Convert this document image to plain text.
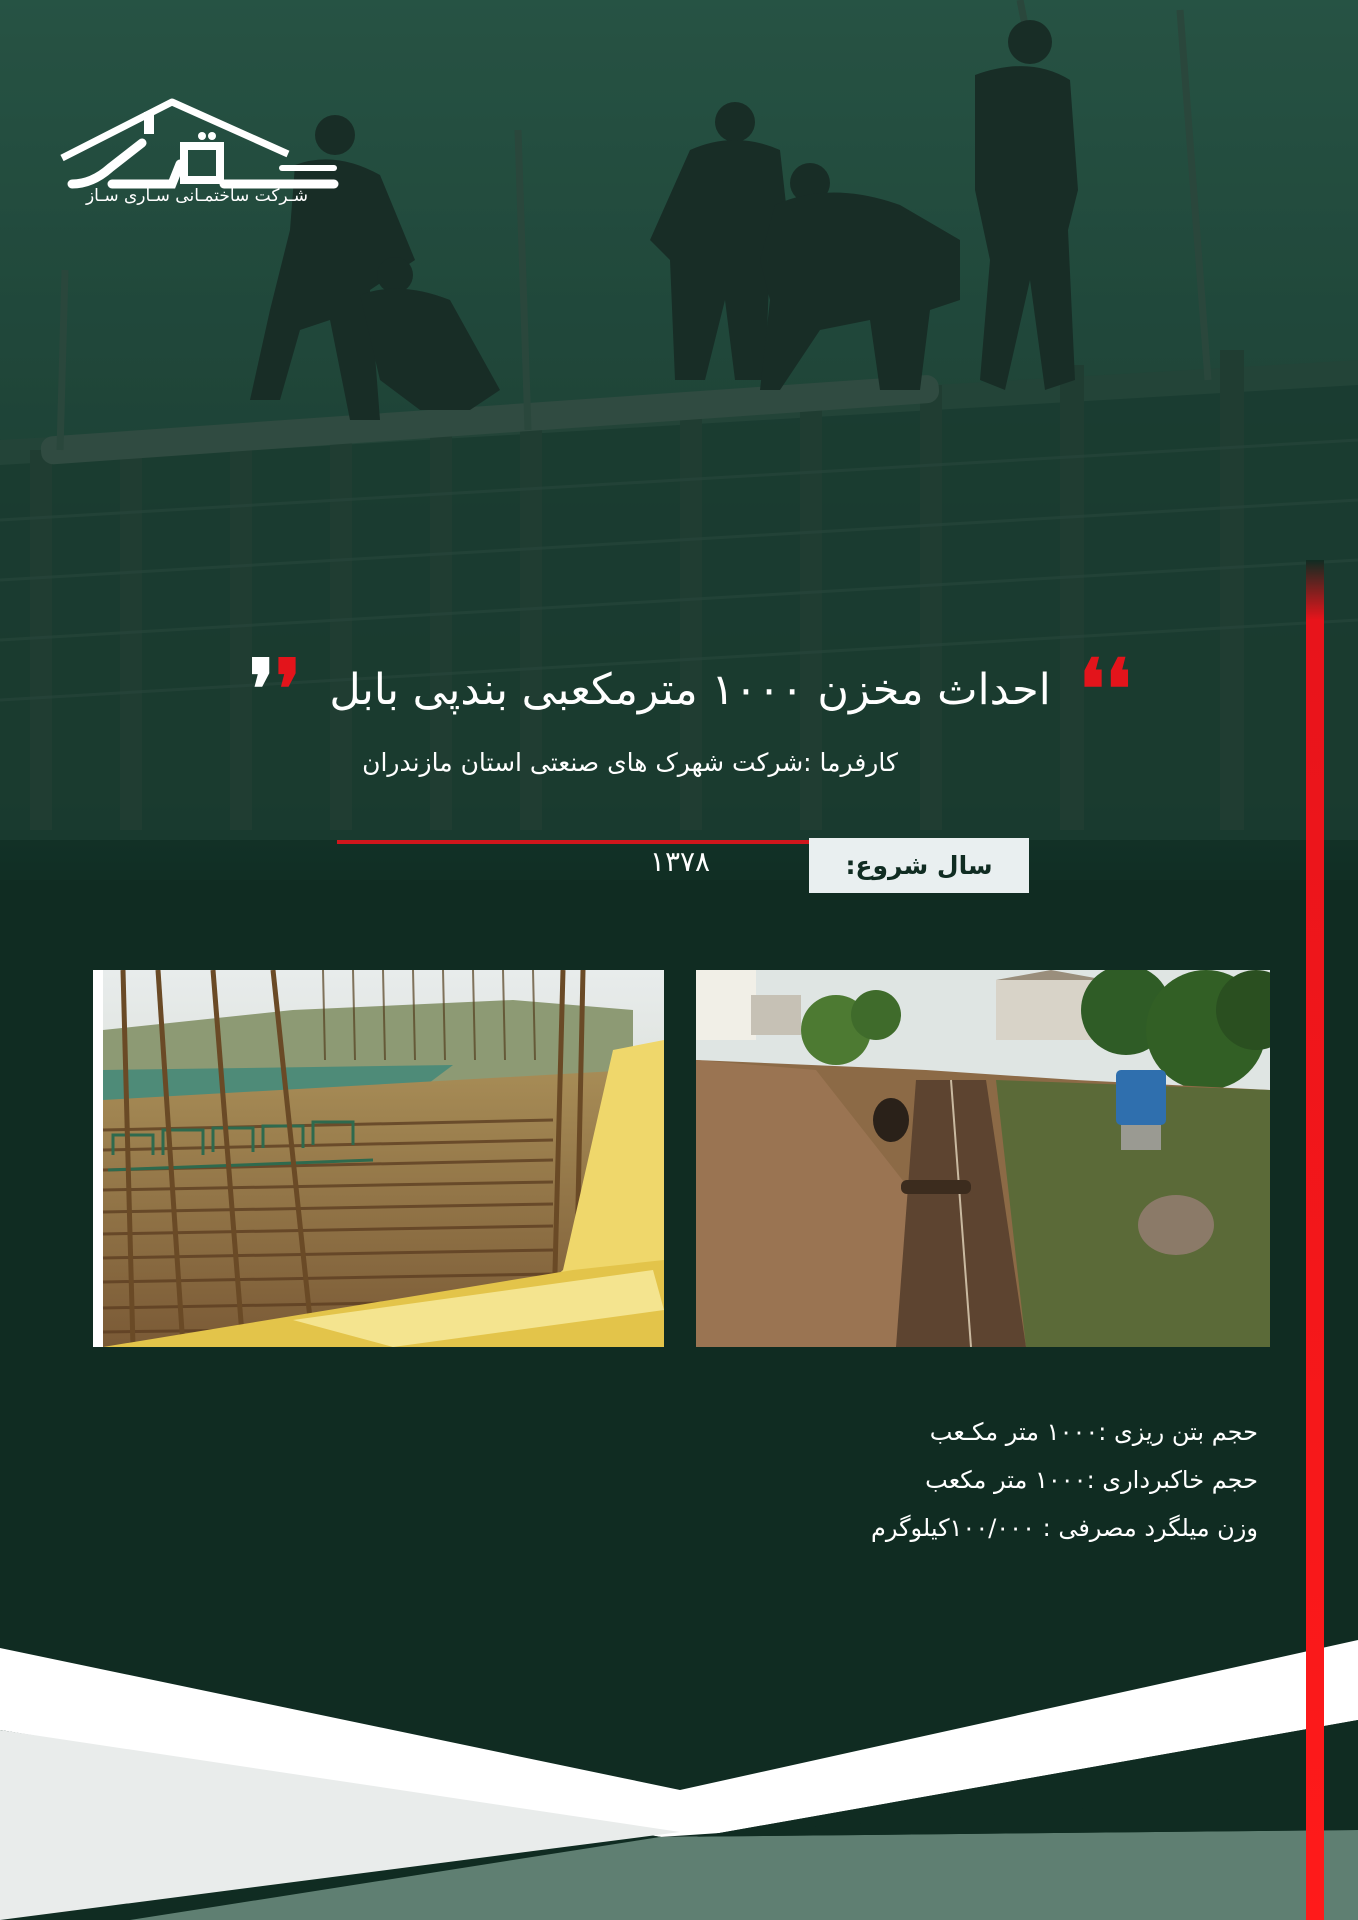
شـرکت ساختمـانی سـاری سـاز
❛
❛
احداث مخزن ۱۰۰۰ مترمکعبی بندپی بابل
❜
❜
کارفرما :شرکت شهرک های صنعتی استان مازندران
سال شروع:
۱۳۷۸
حجم بتن ریزی :۱۰۰۰ متر مکـعب
حجم خاکبرداری :۱۰۰۰ متر مکعب
وزن میلگرد مصرفی : ۱۰۰/۰۰۰کیلوگرم
